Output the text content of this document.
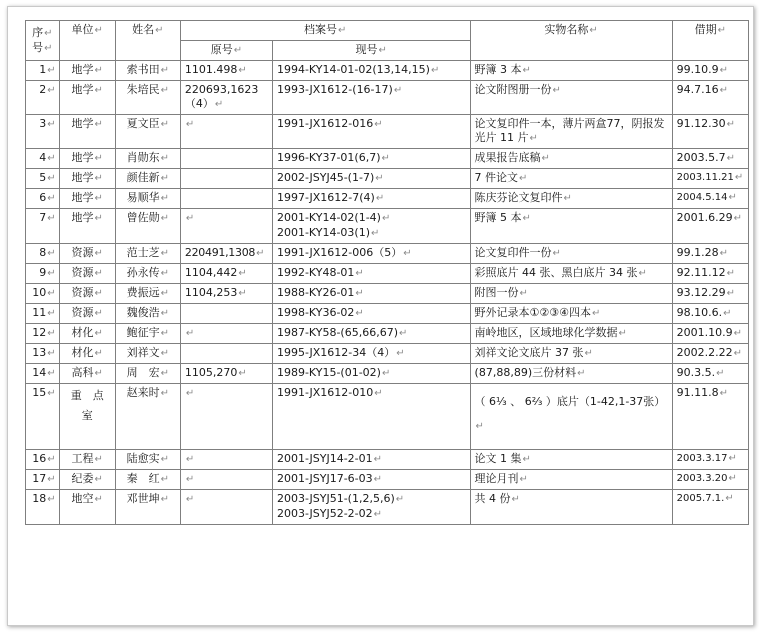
序↵
号↵	单位↵	姓名↵	档案号↵		实物名称↵	借期↵
			原号↵	现号↵		
1↵	地学↵	索书田↵	1101.498↵	1994-KY14-01-02(13,14,15)↵	野簿 3 本↵	99.10.9↵
2↵	地学↵	朱培民↵	220693,1623（4）↵	1993-JX1612-(16-17)↵	论文附图册一份↵	94.7.16↵
3↵	地学↵	夏文臣↵	↵	1991-JX1612-016↵	论文复印件一本，薄片两盒77，阴报发光片 11 片↵	91.12.30↵
4↵	地学↵	肖勋东↵		1996-KY37-01(6,7)↵	成果报告底稿↵	2003.5.7↵
5↵	地学↵	颜佳新↵		2002-JSYJ45-(1-7)↵	7 件论文↵	2003.11.21↵
6↵	地学↵	易顺华↵		1997-JX1612-7(4)↵	陈庆芬论文复印件↵	2004.5.14↵
7↵	地学↵	曾佐勋↵	↵	2001-KY14-02(1-4)↵
2001-KY14-03(1)↵	野簿 5 本↵	2001.6.29↵
8↵	资源↵	范士芝↵	220491,1308↵	1991-JX1612-006（5）↵	论文复印件一份↵	99.1.28↵
9↵	资源↵	孙永传↵	1104,442↵	1992-KY48-01↵	彩照底片 44 张、黑白底片 34 张↵	92.11.12↵
10↵	资源↵	费振远↵	1104,253↵	1988-KY26-01↵	附图一份↵	93.12.29↵
11↵	资源↵	魏俊浩↵		1998-KY36-02↵	野外记录本①②③④四本↵	98.10.6.↵
12↵	材化↵	鲍征宇↵	↵	1987-KY58-(65,66,67)↵	南岭地区，区域地球化学数据↵	2001.10.9↵
13↵	材化↵	刘祥文↵		1995-JX1612-34（4）↵	刘祥文论文底片 37 张↵	2002.2.22↵
14↵	高科↵	周　宏↵	1105,270↵	1989-KY15-(01-02)↵	(87,88,89)三份材料↵	90.3.5.↵
15↵	重　点　室	赵来时↵	↵	1991-JX1612-010↵	（ 6⅓ 、 6⅔ ）底片（1-42,1-37张）↵	91.11.8↵
16↵	工程↵	陆愈实↵	↵	2001-JSYJ14-2-01↵	论文 1 集↵	2003.3.17↵
17↵	纪委↵	秦　红↵	↵	2001-JSYJ17-6-03↵	理论月刊↵	2003.3.20↵
18↵	地空↵	邓世坤↵	↵	2003-JSYJ51-(1,2,5,6)↵
2003-JSYJ52-2-02↵	共 4 份↵	2005.7.1.↵
